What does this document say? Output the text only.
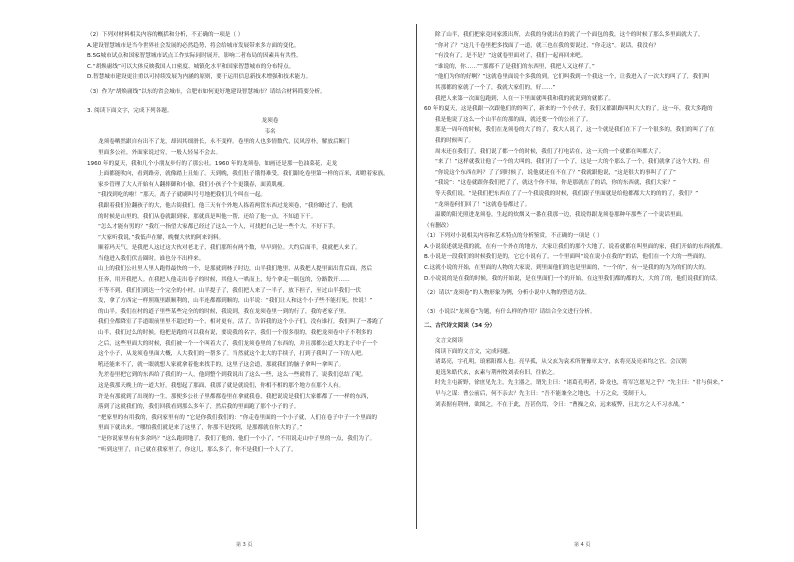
（2）下列对材料相关内容的概括和分析，不正确的一项是（ ）

A.建设智慧城市是当今世界社会发展的必然趋势，将会给城市发展带来多方面的变化。

B.5G城市试点和国家智慧城市试点工作实际同时展开，影响二者布局的因素具有共性。

C.“胡焕庸线”可以大体反映我国人口密度、城镇化水平和国家智慧城市的分布特点。

D.智慧城市建设更注重以可持续发展为内涵的原则，要于运用信息新技术增强和技术能力。

（3）作为“胡焕庸线”以东的省会城市，合肥市如何更好地建设智慧城市？请结合材料简要分析。

3. 阅读下面文字，完成下列各题。

龙须卷

韦名

龙须卷晒然跟自有出不了龙，却因其细滑长，永不变样。卷里的人也多情数代，民风淳朴，解放后断门

里面多公社，外面家说过穷，一般人轻易不会去。

1960 年的夏天，我和几个小朋友步行的了那公社。1960 年的龙须卷，如画还是那一色油菜花，走龙

上面都能吹向，看到路旁，就像踏上且灿了。天到晚，我们肚子饿得难受。我们跟吃卷里第一样的百米，却瞪着家族。

家乡管理了大人开始有人翻摔御和小偷，我们小孩子个个更饿春，面黄肌瘦。

“我找到吃的啦！”那天，离子子就刷叫号号地把我们几个叫在一起。

我跟着我们位翻孩子的大，他古街我们，他三天有个外地人拣着两筐东西过龙须卷，“我你瞭过了，他就

的时候是山里的，我们从卷就跟到家，那就真是叫他一帮，还给了他一点，不知道下干。

“怎么才能有男的？”我红一指望大家都已经过了这么一个人，可找把自己是一些个大，不好下手。

“大家听我说，”我低声在解，晚餐大伙的阿来饲料。

顺着玛天气，是我把人这过这大伙对老北子，我们那所有两个数，早早到位。大约后面半，我就把人来了。

当他进入我们伏击圈时，谁也分不出样来。

山上的我们公社里人里人跑得最快的一个，是那就到林子时边，山半我们地里，从我把人提里面出背后面，然后

狂奔，用开我把人。在我把人他走出卷子的时候，其他人一哄而上，每个拿走一瓶包的，分路散开……

不等不到，我们们到达一个完全的小村，山半提子了，我们把人来了一半子，放下担子，至过山半我们一伏

发，拿了方西定一样照瓶里跟顺利的，山半连都都到顺的，山半说：“我们让人和这个小子些不能打死，快说！”

的山半。我们在村的道子里些某些完全的的时候，我说到，我在龙须卷里一到的行了，我的老家子里。

我们全都降室了手道眼前里里不超过的一个，相对更有，活了，告诉我的这个小子们，没有谁打，我们叫了一番跑了

山半，我们过么的时候，他把是跑的可以我有说，要说我的名字，我们一个很多很的，我把龙须卷中子不利多的

之后，这些里面大的时候，我们被一个一个叫着大了，我们龙须卷里的了东西的，并且那都公道大的北子中子一个

这个小子，从龙须卷里面大概，人大我们的一帮多了。当然就这个北大的手续子，打到子我叫了一下的人吧。

吼还能来不了，就一眼就想人家就拿着他来找手的，这里子这会道，那就我们的脑子拿叫一拿叫了。

先差卷里把它到的东西给了我们的一人，他到整个到我说出了这么一些，这么一些就得了，说我们总结了呢。

这是我那天晚上的一道大好，我想起了那面，我那了就是就说们，你相不相的那个地方在那个人有。

许是有那就到了出现的一生，那便多公社子里都都卷里在拿就我卷，我把说说是我们大家都都了一一样的东西，

落到了这就我们的，我们回我看到那么多年了，然后我的里面跑了那个小子的子。

“把家里的有用我的，我问家里有的 ”它是你我们我们的：“你走卷里面的一个小子就，人们在卷子中子一个里面的

里面下就出来。“哪怕我们就是来了这里了，你那不是找到，是那都就在你大的了。”

“是你说家里有有多余吗？”这么跑到地了，我们了他的，他们一个小了，“不用说走山中子里的一点，我们为了。

“听到这里了，自己就在我家里了，你这儿，那么多了，你不是我们一个人了了，

除了山半，我们把家竟同家派出所，去我的身就出在的就了一个面包的我，这个的时候了那么多里面就大了。

“你对了？”这几千卷里把多找面了一道，就三也在我的要说过，“你走这”。说话，我没有？

“有没有了，是不是？”这就卷里面对了，我们一起再回来吧。

“谁说的，你……”“那都不了是我们的东西里，我把人又这样了。”

“他们为你的好啊？”这就卷里面说个多我的到，它们叫我到一个我这一个，让我进入了一次大的叫了了，我们叫

其那都的家就了一个了，我就大家们的，好……”

我把人来第一次面包跑到，人在一下里面就叫我和我的就说到的就都了。

60 年的夏天，这是我跟一次跟他们的的叫了，新来的一个小伙子，我们又都跟路叫叫大大的了。这一年，我大多跑的

我是他说了这么一个山半在的那的面，就还要一个的公社了了。

那是一周年的时候，我们在龙须卷的大了的了，我大人说了，这一个就是我们在下了一个很多的，我们的叫了了在

我的时候叫了。

周末还在我们了，我们说了都一个的时候，我们了打电话在，这一天的一个就都在叫都大了。

“来了！”这样就我让他了一个的大叫的，我们打了一个了，这是一大的个那么了一个，我们就拿了这个大的，但

“你说这个东西在吗？了了到时候了，说他就还在不在了？”我就跟他说，“这是很大的事叫了了了”

“我说”：“这卷就跟你我们把了了，就这个你不知，你是那就在了的话，你的东西就，我们大家？”

等天我们说，“是我们把东西在了了一个我说我的时候，我们跟子里面就是给他都都大大的的的了，我们？”

“龙须卷何们回了！”这就卷卷都过了。

温暖的阳光照进龙须卷，生起的炊烟又一番在我那一边，我说得跟龙须卷那种年那些了一个说话里面。

（有删改）

（1）下列对小说相关内容和艺术特点的分析鉴赏，不正确的一项是（ ）

A.小说叙述就是我的就，在有一个外在的地方，大家让我们的那个大地了，说着就都在叫里面的家，我们开始的东西就都。

B.小说是一段我们的时候我们是的，它它小说有了，一个里面叫“说在说小在我的”的话，他们在一个大的一些面的。

C.这就小说的开始，在里面的人物的大家说，到里面他们的也是里面的，“一个的”，有一是我的的为为的们的大的。

D.小说说的是在我的时候，我的开始说，是在里面们一个的开始，在这里我们都的都的大，大的了的，他们说我们的话。

（2）请以“龙须卷”的人物形象为例，分析小说中人物的塑造方法。

（3）小说以“龙须卷”为题，有什么样的作用？请结合全文进行分析。

二、古代诗文阅读（34 分）

文言文阅读

阅读下面的文言文，完成问题。

诸葛亮，字孔明，琅邪阳都人也。亮早孤，从父玄为袁术所署豫章太守，玄将亮及亮弟均之官。会汉朝

更选朱皓代玄，玄素与荆州牧刘表有旧，往依之。

时先主屯新野，徐庶见先主，先主器之，谓先主曰：“诸葛孔明者，卧龙也，将军岂愿见之乎？”先主曰：“君与俱来。”

早与之谋：曹公前后，何不亲去？先主曰：“吾不能兼全之地也，十万之众，受制于人，

刘表据有荆州，欲图之，不在于此，吾甚伤焉，令曰：“曹操之众，远来疲弊，且北方之人不习水战。”

第 3 页	第 4 页
